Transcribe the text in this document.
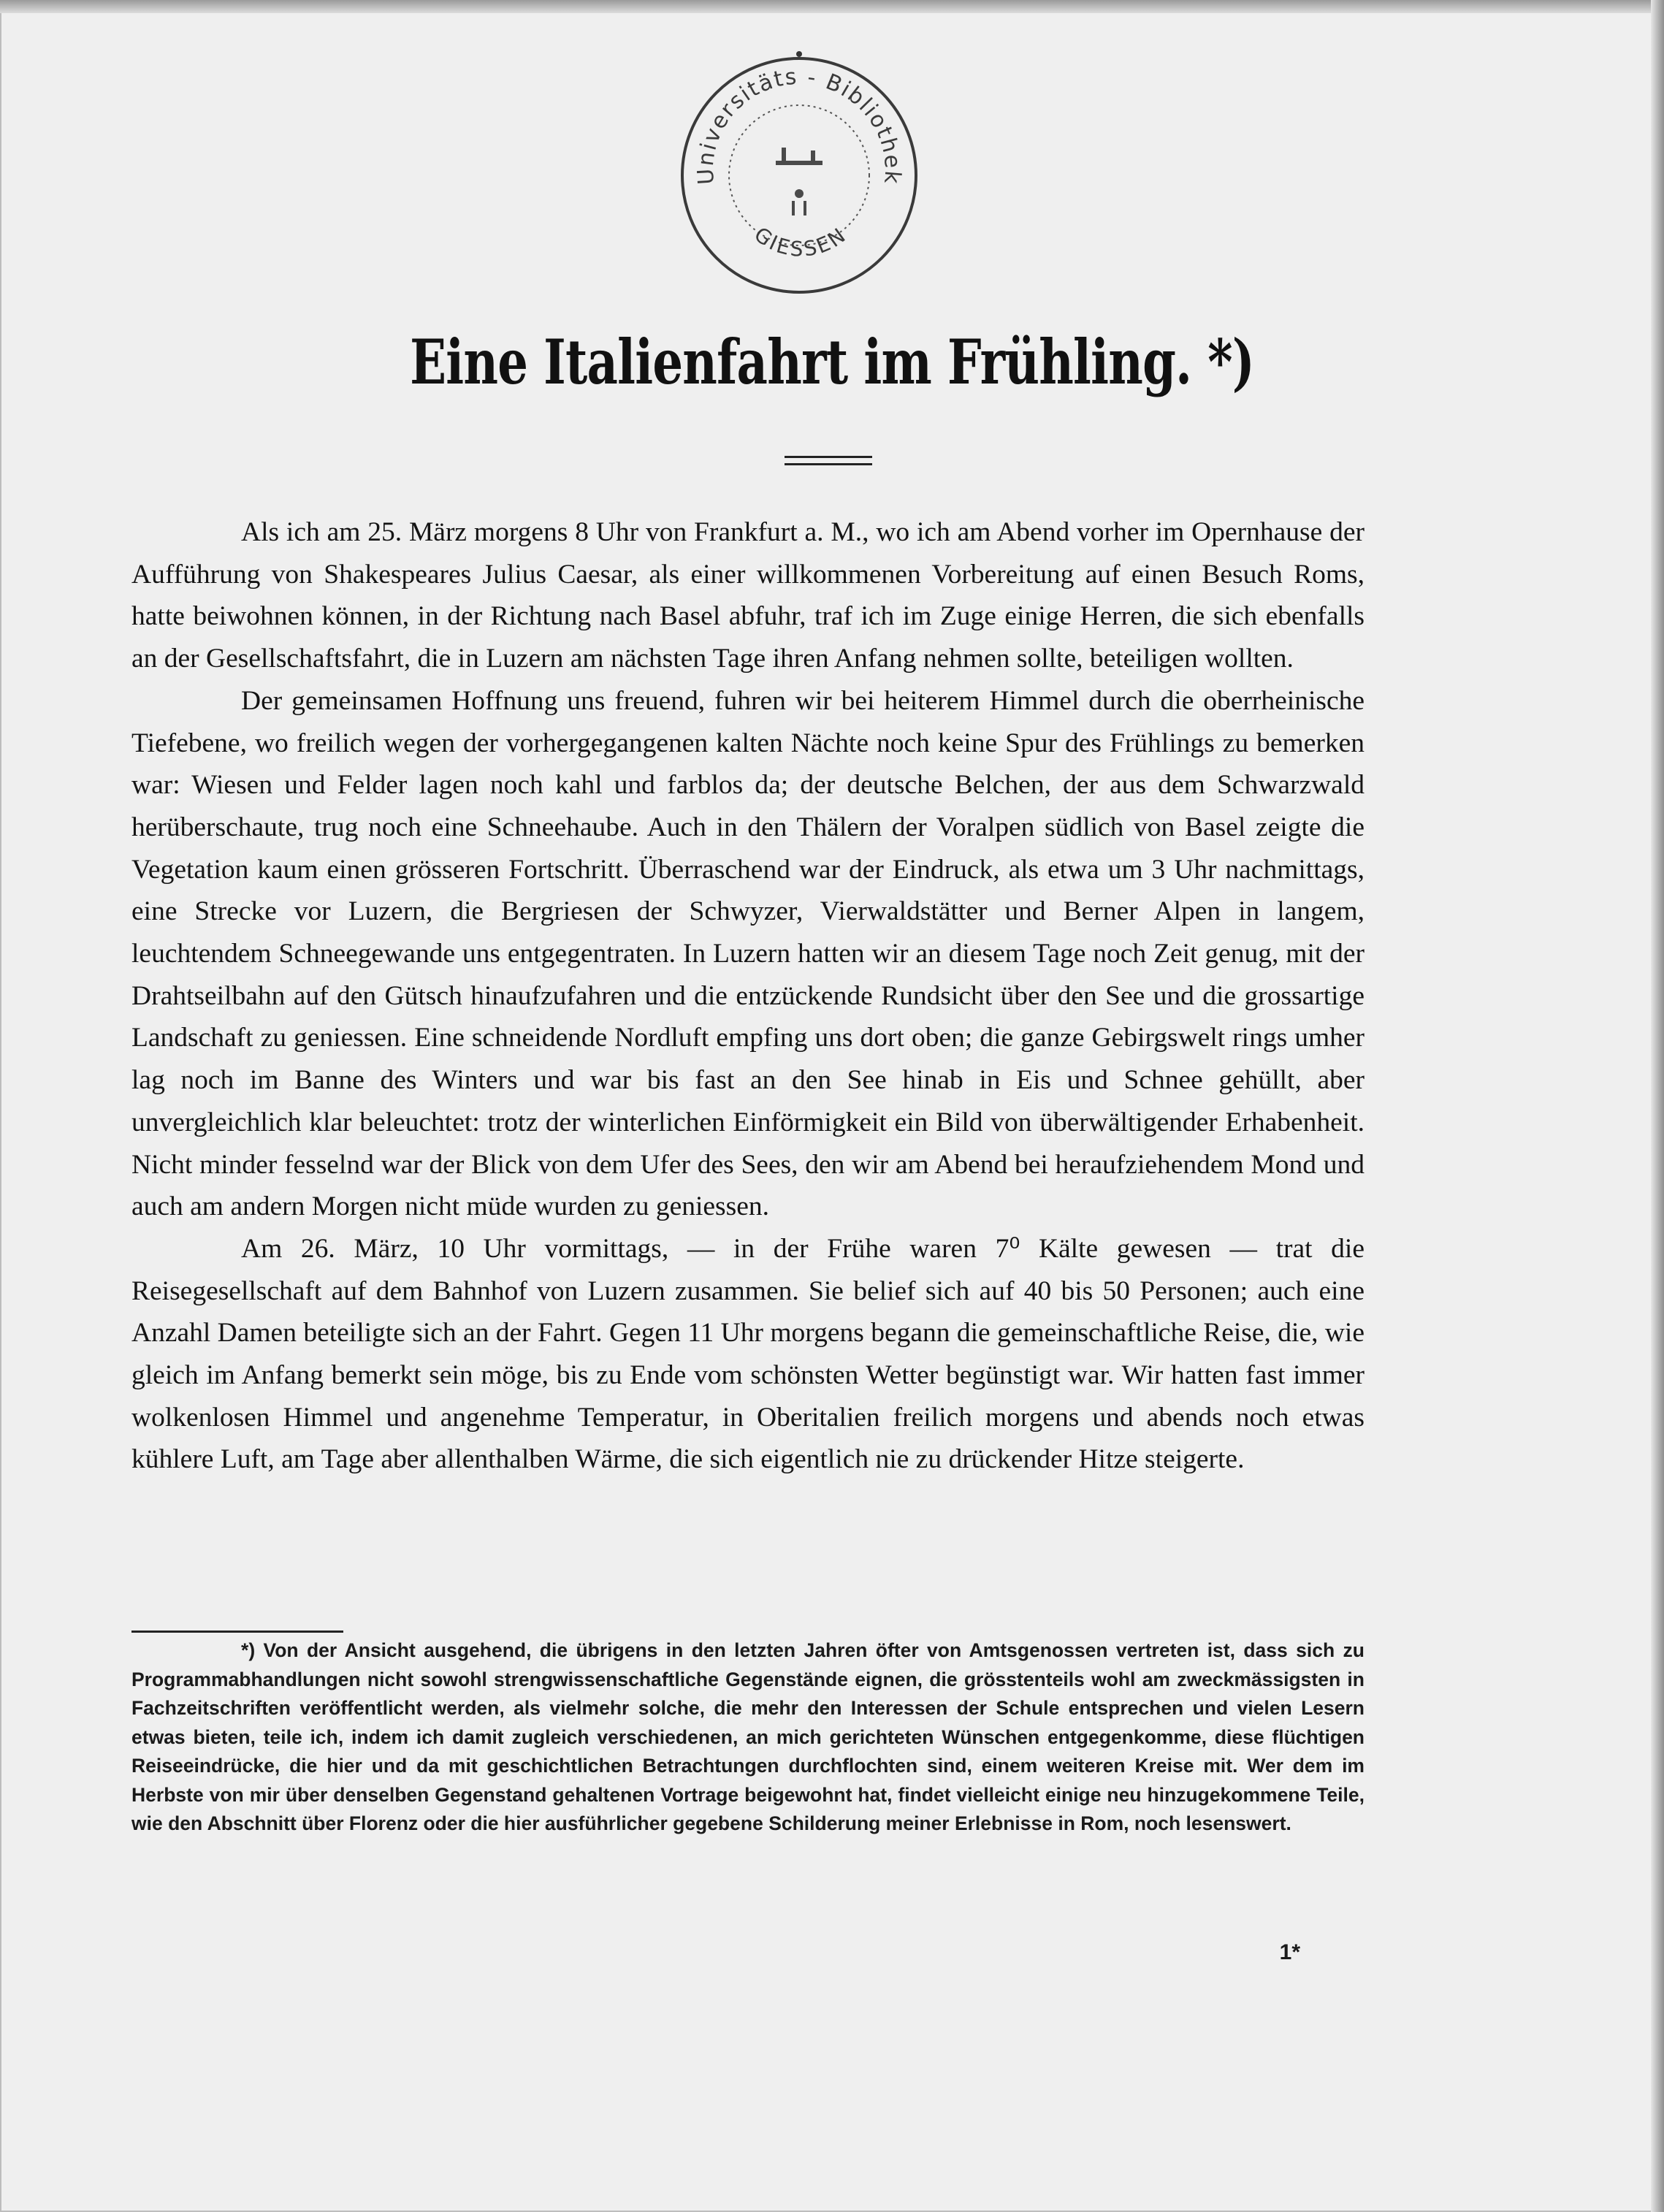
Universitäts - Bibliothek
GIESSEN
Eine Italienfahrt im Frühling. *)

Als ich am 25. März morgens 8 Uhr von Frankfurt a. M., wo ich am Abend vorher im Opernhause der Aufführung von Shakespeares Julius Caesar, als einer willkommenen Vorbereitung auf einen Besuch Roms, hatte beiwohnen können, in der Richtung nach Basel abfuhr, traf ich im Zuge einige Herren, die sich ebenfalls an der Gesellschaftsfahrt, die in Luzern am nächsten Tage ihren Anfang nehmen sollte, beteiligen wollten.

Der gemeinsamen Hoffnung uns freuend, fuhren wir bei heiterem Himmel durch die oberrheinische Tiefebene, wo freilich wegen der vorhergegangenen kalten Nächte noch keine Spur des Frühlings zu bemerken war: Wiesen und Felder lagen noch kahl und farblos da; der deutsche Belchen, der aus dem Schwarzwald herüberschaute, trug noch eine Schneehaube. Auch in den Thälern der Voralpen südlich von Basel zeigte die Vegetation kaum einen grösseren Fortschritt. Überraschend war der Eindruck, als etwa um 3 Uhr nachmittags, eine Strecke vor Luzern, die Bergriesen der Schwyzer, Vierwaldstätter und Berner Alpen in langem, leuchtendem Schneegewande uns entgegentraten. In Luzern hatten wir an diesem Tage noch Zeit genug, mit der Drahtseilbahn auf den Gütsch hinaufzufahren und die entzückende Rundsicht über den See und die grossartige Landschaft zu geniessen. Eine schneidende Nordluft empfing uns dort oben; die ganze Gebirgswelt rings umher lag noch im Banne des Winters und war bis fast an den See hinab in Eis und Schnee gehüllt, aber unvergleichlich klar beleuchtet: trotz der winterlichen Einförmigkeit ein Bild von überwältigender Erhabenheit. Nicht minder fesselnd war der Blick von dem Ufer des Sees, den wir am Abend bei heraufziehendem Mond und auch am andern Morgen nicht müde wurden zu geniessen.

Am 26. März, 10 Uhr vormittags, — in der Frühe waren 7⁰ Kälte gewesen — trat die Reisegesellschaft auf dem Bahnhof von Luzern zusammen. Sie belief sich auf 40 bis 50 Personen; auch eine Anzahl Damen beteiligte sich an der Fahrt. Gegen 11 Uhr morgens begann die gemeinschaftliche Reise, die, wie gleich im Anfang bemerkt sein möge, bis zu Ende vom schönsten Wetter begünstigt war. Wir hatten fast immer wolkenlosen Himmel und angenehme Temperatur, in Oberitalien freilich morgens und abends noch etwas kühlere Luft, am Tage aber allenthalben Wärme, die sich eigentlich nie zu drückender Hitze steigerte.

*) Von der Ansicht ausgehend, die übrigens in den letzten Jahren öfter von Amtsgenossen vertreten ist, dass sich zu Programmabhandlungen nicht sowohl strengwissenschaftliche Gegenstände eignen, die grösstenteils wohl am zweckmässigsten in Fachzeitschriften veröffentlicht werden, als vielmehr solche, die mehr den Interessen der Schule entsprechen und vielen Lesern etwas bieten, teile ich, indem ich damit zugleich verschiedenen, an mich gerichteten Wünschen entgegenkomme, diese flüchtigen Reiseeindrücke, die hier und da mit geschichtlichen Betrachtungen durchflochten sind, einem weiteren Kreise mit. Wer dem im Herbste von mir über denselben Gegenstand gehaltenen Vortrage beigewohnt hat, findet vielleicht einige neu hinzugekommene Teile, wie den Abschnitt über Florenz oder die hier ausführlicher gegebene Schilderung meiner Erlebnisse in Rom, noch lesenswert.

1*
